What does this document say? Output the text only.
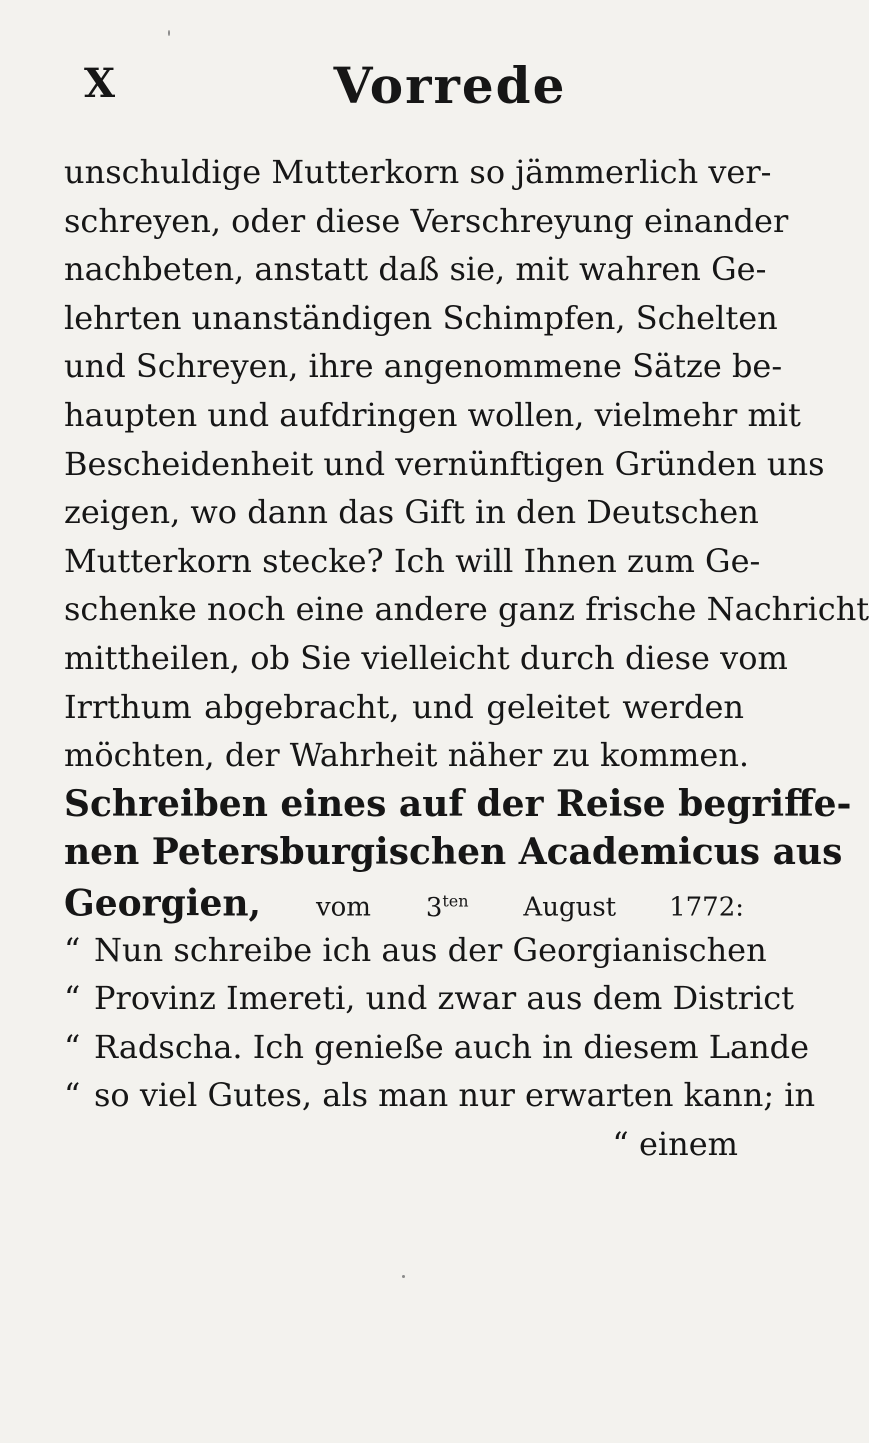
X	Vorrede
unschuldige Mutterkorn so jämmerlich ver-
schreyen, oder diese Verschreyung einander
nachbeten, anstatt daß sie, mit wahren Ge-
lehrten unanständigen Schimpfen, Schelten
und Schreyen, ihre angenommene Sätze be-
haupten und aufdringen wollen, vielmehr mit
Bescheidenheit und vernünftigen Gründen uns
zeigen, wo dann das Gift in den Deutschen
Mutterkorn stecke? Ich will Ihnen zum Ge-
schenke noch eine andere ganz frische Nachricht
mittheilen, ob Sie vielleicht durch diese vom
Irrthum abgebracht, und geleitet werden
möchten, der Wahrheit näher zu kommen.
Schreiben eines auf der Reise begriffe-
nen Petersburgischen Academicus aus
Georgien, vom $3^{ten}$ August 1772:
“ Nun schreibe ich aus der Georgianischen
“ Provinz Imereti, und zwar aus dem District
“ Radscha. Ich genieße auch in diesem Lande
“ so viel Gutes, als man nur erwarten kann; in
“ einem
